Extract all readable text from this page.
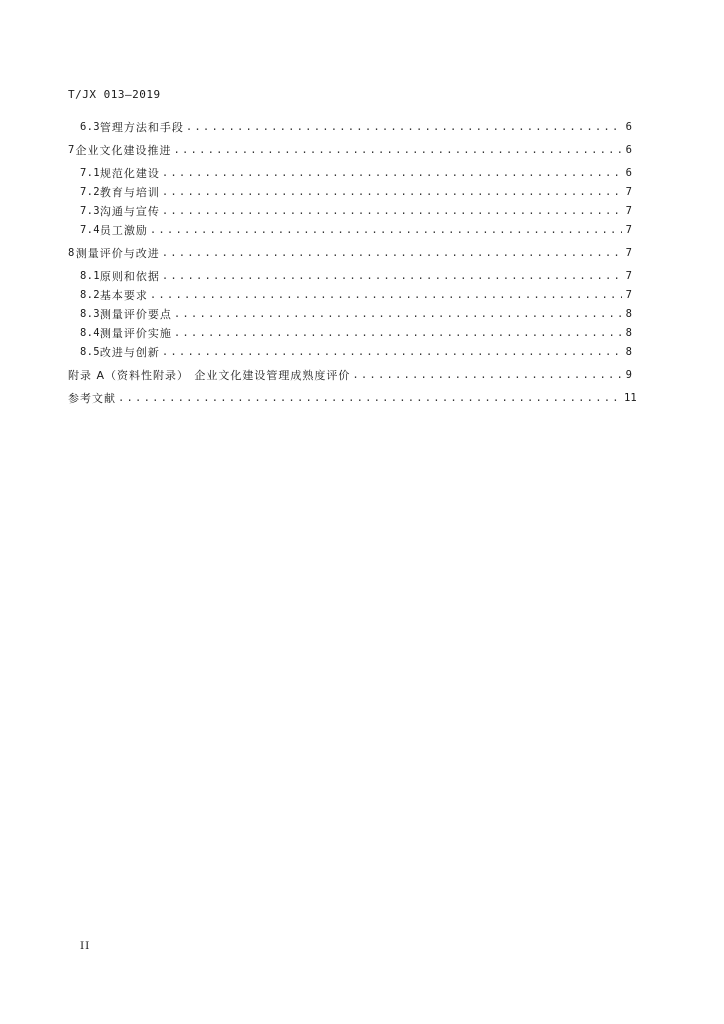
T/JX 013—2019
6.3 管理方法和手段 .....	6
7 企业文化建设推进 .....	6
7.1 规范化建设 .....	6
7.2 教育与培训 .....	7
7.3 沟通与宣传 .....	7
7.4 员工激励 .....	7
8 测量评价与改进 .....	7
8.1 原则和依据 .....	7
8.2 基本要求 .....	7
8.3 测量评价要点 .....	8
8.4 测量评价实施 .....	8
8.5 改进与创新 .....	8
附录 A（资料性附录） 企业文化建设管理成熟度评价 .....	9
参考文献 .....	11
II
